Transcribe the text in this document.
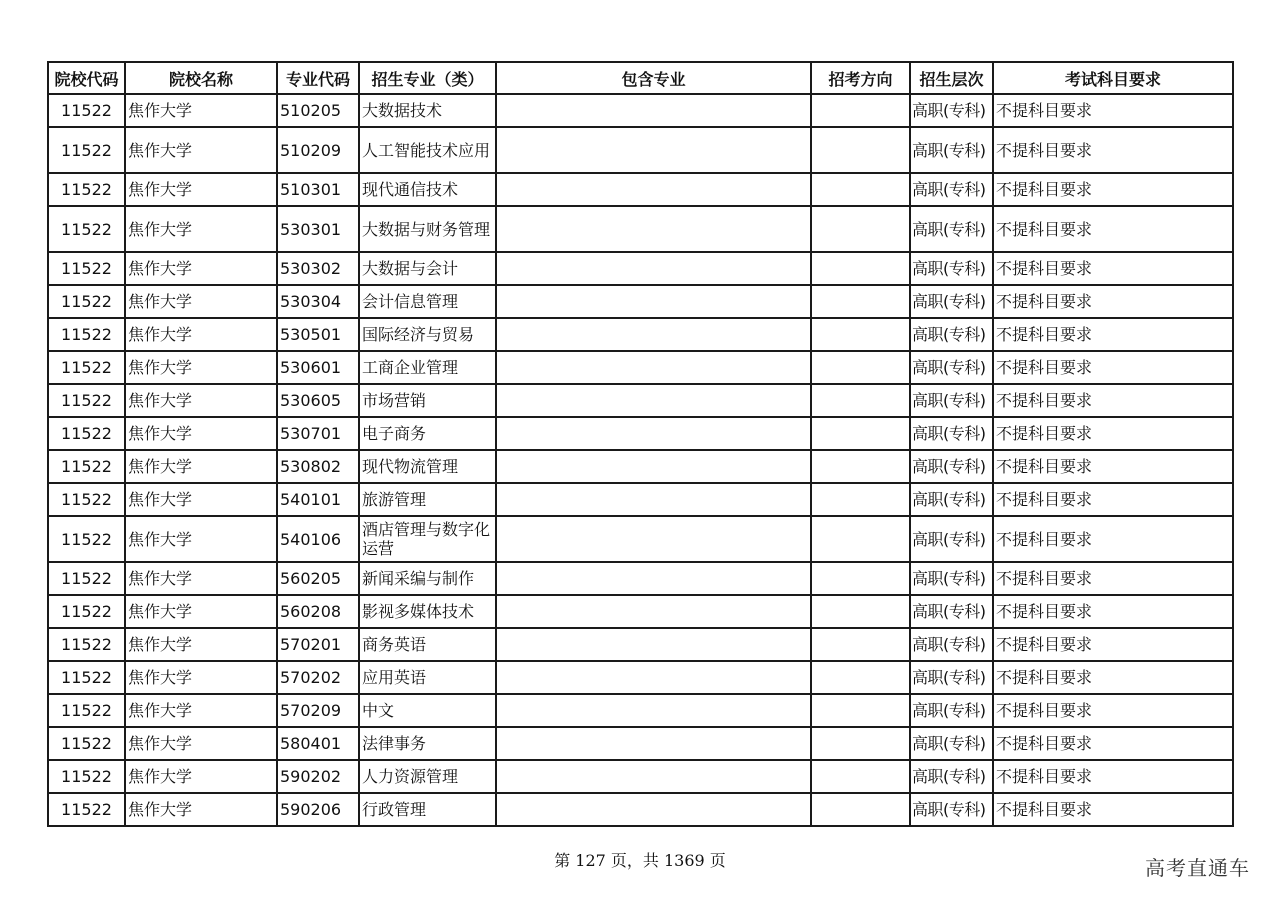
院校代码	院校名称	专业代码	招生专业（类）	包含专业	招考方向	招生层次	考试科目要求
11522	焦作大学	510205	大数据技术			高职(专科)	不提科目要求
11522	焦作大学	510209	人工智能技术应用			高职(专科)	不提科目要求
11522	焦作大学	510301	现代通信技术			高职(专科)	不提科目要求
11522	焦作大学	530301	大数据与财务管理			高职(专科)	不提科目要求
11522	焦作大学	530302	大数据与会计			高职(专科)	不提科目要求
11522	焦作大学	530304	会计信息管理			高职(专科)	不提科目要求
11522	焦作大学	530501	国际经济与贸易			高职(专科)	不提科目要求
11522	焦作大学	530601	工商企业管理			高职(专科)	不提科目要求
11522	焦作大学	530605	市场营销			高职(专科)	不提科目要求
11522	焦作大学	530701	电子商务			高职(专科)	不提科目要求
11522	焦作大学	530802	现代物流管理			高职(专科)	不提科目要求
11522	焦作大学	540101	旅游管理			高职(专科)	不提科目要求
11522	焦作大学	540106	酒店管理与数字化运营			高职(专科)	不提科目要求
11522	焦作大学	560205	新闻采编与制作			高职(专科)	不提科目要求
11522	焦作大学	560208	影视多媒体技术			高职(专科)	不提科目要求
11522	焦作大学	570201	商务英语			高职(专科)	不提科目要求
11522	焦作大学	570202	应用英语			高职(专科)	不提科目要求
11522	焦作大学	570209	中文			高职(专科)	不提科目要求
11522	焦作大学	580401	法律事务			高职(专科)	不提科目要求
11522	焦作大学	590202	人力资源管理			高职(专科)	不提科目要求
11522	焦作大学	590206	行政管理			高职(专科)	不提科目要求
第 127 页，共 1369 页	高考直通车
